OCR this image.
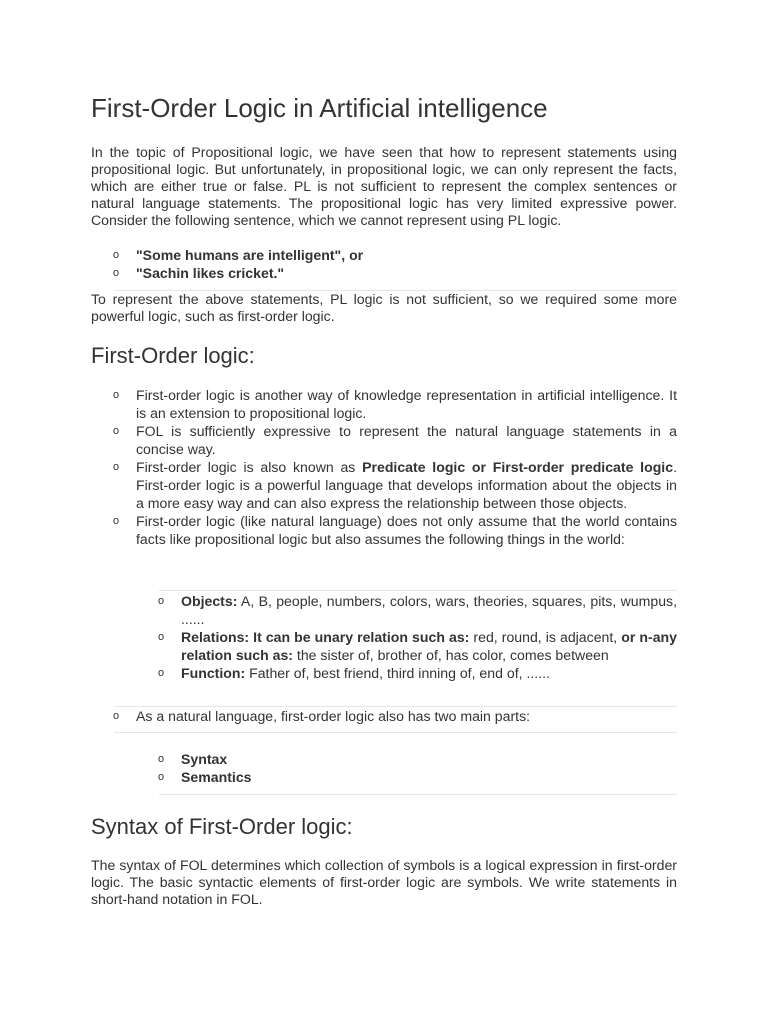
First-Order Logic in Artificial intelligence

In the topic of Propositional logic, we have seen that how to represent statements using propositional logic. But unfortunately, in propositional logic, we can only represent the facts, which are either true or false. PL is not sufficient to represent the complex sentences or natural language statements. The propositional logic has very limited expressive power. Consider the following sentence, which we cannot represent using PL logic.

o "Some humans are intelligent", or
o "Sachin likes cricket."

To represent the above statements, PL logic is not sufficient, so we required some more powerful logic, such as first-order logic.

First-Order logic:
o First-order logic is another way of knowledge representation in artificial intelligence. It is an extension to propositional logic.
o FOL is sufficiently expressive to represent the natural language statements in a concise way.
o First-order logic is also known as Predicate logic or First-order predicate logic. First-order logic is a powerful language that develops information about the objects in a more easy way and can also express the relationship between those objects.
o First-order logic (like natural language) does not only assume that the world contains facts like propositional logic but also assumes the following things in the world:
o Objects: A, B, people, numbers, colors, wars, theories, squares, pits, wumpus, ......
o Relations: It can be unary relation such as: red, round, is adjacent, or n-any relation such as: the sister of, brother of, has color, comes between
o Function: Father of, best friend, third inning of, end of, ......
o As a natural language, first-order logic also has two main parts:
o Syntax
o Semantics
Syntax of First-Order logic:

The syntax of FOL determines which collection of symbols is a logical expression in first-order logic. The basic syntactic elements of first-order logic are symbols. We write statements in short-hand notation in FOL.
